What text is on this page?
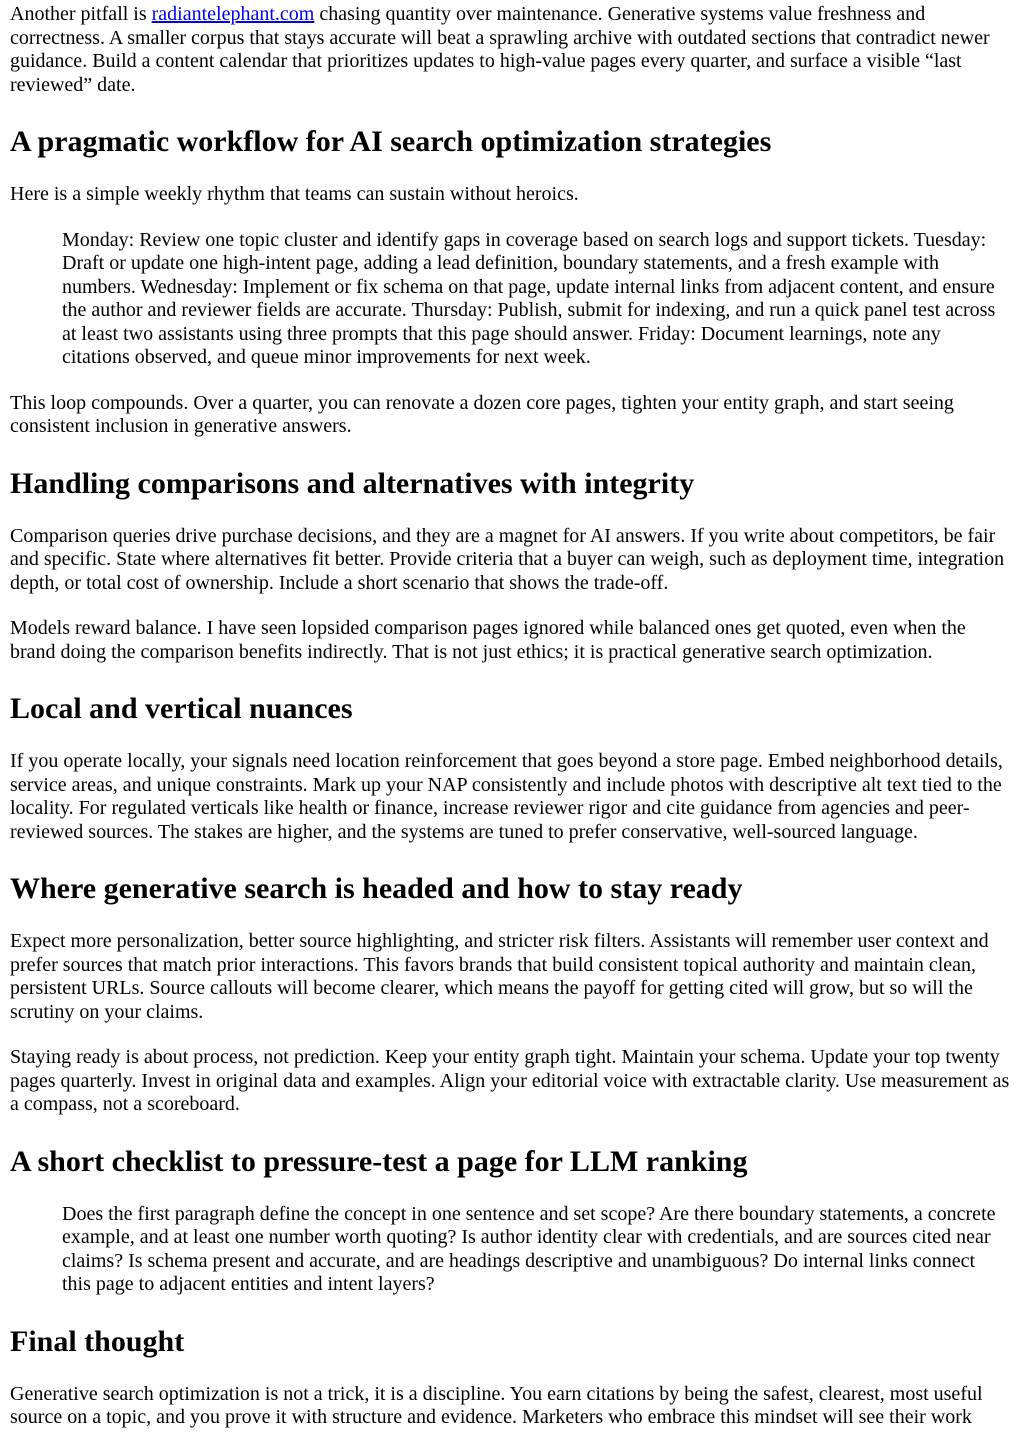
Another pitfall is radiantelephant.com chasing quantity over maintenance. Generative systems value freshness and correctness. A smaller corpus that stays accurate will beat a sprawling archive with outdated sections that contradict newer guidance. Build a content calendar that prioritizes updates to high-value pages every quarter, and surface a visible “last reviewed” date.

A pragmatic workflow for AI search optimization strategies

Here is a simple weekly rhythm that teams can sustain without heroics.

Monday: Review one topic cluster and identify gaps in coverage based on search logs and support tickets. Tuesday: Draft or update one high-intent page, adding a lead definition, boundary statements, and a fresh example with numbers. Wednesday: Implement or fix schema on that page, update internal links from adjacent content, and ensure the author and reviewer fields are accurate. Thursday: Publish, submit for indexing, and run a quick panel test across at least two assistants using three prompts that this page should answer. Friday: Document learnings, note any citations observed, and queue minor improvements for next week.

This loop compounds. Over a quarter, you can renovate a dozen core pages, tighten your entity graph, and start seeing consistent inclusion in generative answers.

Handling comparisons and alternatives with integrity

Comparison queries drive purchase decisions, and they are a magnet for AI answers. If you write about competitors, be fair and specific. State where alternatives fit better. Provide criteria that a buyer can weigh, such as deployment time, integration depth, or total cost of ownership. Include a short scenario that shows the trade-off.

Models reward balance. I have seen lopsided comparison pages ignored while balanced ones get quoted, even when the brand doing the comparison benefits indirectly. That is not just ethics; it is practical generative search optimization.

Local and vertical nuances

If you operate locally, your signals need location reinforcement that goes beyond a store page. Embed neighborhood details, service areas, and unique constraints. Mark up your NAP consistently and include photos with descriptive alt text tied to the locality. For regulated verticals like health or finance, increase reviewer rigor and cite guidance from agencies and peer-reviewed sources. The stakes are higher, and the systems are tuned to prefer conservative, well-sourced language.

Where generative search is headed and how to stay ready

Expect more personalization, better source highlighting, and stricter risk filters. Assistants will remember user context and prefer sources that match prior interactions. This favors brands that build consistent topical authority and maintain clean, persistent URLs. Source callouts will become clearer, which means the payoff for getting cited will grow, but so will the scrutiny on your claims.

Staying ready is about process, not prediction. Keep your entity graph tight. Maintain your schema. Update your top twenty pages quarterly. Invest in original data and examples. Align your editorial voice with extractable clarity. Use measurement as a compass, not a scoreboard.

A short checklist to pressure-test a page for LLM ranking
Does the first paragraph define the concept in one sentence and set scope? Are there boundary statements, a concrete example, and at least one number worth quoting? Is author identity clear with credentials, and are sources cited near claims? Is schema present and accurate, and are headings descriptive and unambiguous? Do internal links connect this page to adjacent entities and intent layers?
Final thought

Generative search optimization is not a trick, it is a discipline. You earn citations by being the safest, clearest, most useful source on a topic, and you prove it with structure and evidence. Marketers who embrace this mindset will see their work
